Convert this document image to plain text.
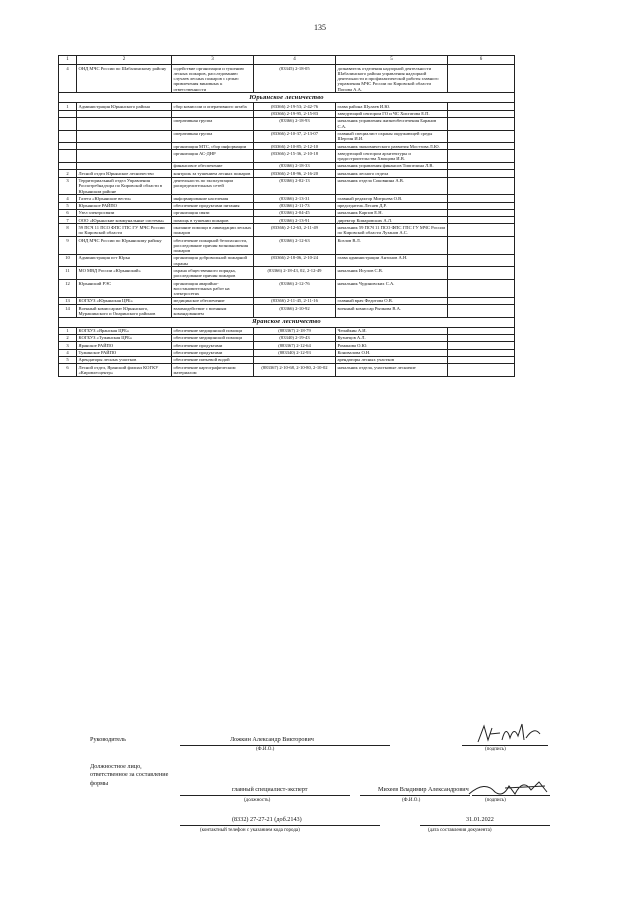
135
1	2	3	4	5	6
4	ОНД МЧС России по Шабалинскому району	содействие организации и тушению лесных пожаров, расследованию случаев лесных пожаров с целью привлечения виновных к ответственности	(83345) 2-18-05	дознаватель отделения надзорной деятельности Шабалинского района управления надзорной деятельности и профилактической работы главного управления МЧС России по Кировской области Попова А.А.	
Юрьянское лесничество					
1	Администрация Юрьянского района	сбор комиссии и оперативного штаба	(83366) 2-19-53; 2-42-76	глава района Шулаев И.Ю.	
			(83366) 2-19-95, 2-15-83	заведующий сектором ГО и ЧС Хисгатова Е.П.	
		оперативная группа	(83366) 2-18-93	начальник управления жизнеобеспечения Баранов С.А.	
		оперативная группа	(83366) 2-10-37, 2-13-07	главный специалист охраны окружающей среды Шергин И.И.	
		организация МТС, сбор информации	(83366) 2-10-85; 2-12-10	начальник экономического развития Мосттова Л.Ю.	
		организация АС-ДНР	(83366) 2-15-36, 2-10-18	заведующий сектором архитектуры и градостроительства Хвощова И.В.	
		финансовое обеспечение	(83366) 2-18-33	начальник управления финансов Типпелина Л.В.	
2	Лесной отдел Юрьянское лесничество	контроль за тушением лесных пожаров	(83366) 2-18-96, 2-16-20	начальник лесного отдела	
3	Территориальный отдел Управления Роспотребнадзора по Кировской области в Юрьянском районе	деятельность по эксплуатации распределительных сетей	(83366) 2-02-13	начальник отдела Соковнина А.В.	
4	Газета «Юрьянские вести»	информирование населения	(83366) 2-13-31	главный редактор Митрьева О.В.	
5	Юрьянское РАЙПО	обеспечение продуктами питания	(83366) 2-11-73	председатель Лесаев Д.Р.	
6	Узел электросвязи	организация связи	(83366) 2-04-45	начальник Карпов Е.Н.	
7	ООО «Юрьянские коммунальные системы»	помощь в тушении пожаров	(83366) 2-13-91	директор Комаровских А.Л.	
8	59 ПСЧ 11 ПСО ФПС ГПС ГУ МЧС России по Кировской области	оказание помощи в ликвидации лесных пожаров	(83366) 2-12-63, 2-11-49	начальник 59 ПСЧ 11 ПСО ФПС ГПС ГУ МЧС России по Кировской области Лузанов А.С.	
9	ОНД МЧС России по Юрьянскому району	обеспечение пожарной безопасности, расследование причин возникновения пожаров	(83366) 2-12-63	Козлов В.Л.	
10	Администрация пгт Юрья	организация добровольной пожарной охраны	(83366) 2-18-06, 2-10-24	глава администрации Антонов А.Н.	
11	МО МВД России «Юрьянский»	охрана общественного порядка, расследование причин пожаров	(83366) 2-18-43, 02, 2-12-49	начальник Исупов С.В.	
12	Юрьянский РЭС	организация аварийно-восстановительных работ на электросетях	(83366) 2-12-76	начальник Чудиновских С.А.	
13	КОГБУЗ «Юрьянская ЦРБ»	медицинское обеспечение	(83366) 2-11-45, 2-11-16	главный врач Федотова О.В.	
14	Военный комиссариат Юрьянского, Мурашинского и Опаринского районов	взаимодействие с военным командованием	(83366) 2-10-92	военный комиссар Рычкова В.А.	
Яранское лесничество					
1	КОГБУЗ «Яранская ЦРБ»	обеспечение медицинской помощи	(883367) 2-18-79	Чепайкин А.И.	
2	КОГБУЗ «Тужинская ЦРБ»	обеспечение медицинской помощи	(83340) 2-19-43	Кузнецов А.Л.	
3	Яранское РАЙПО	обеспечение продуктами	(883367) 2-12-64	Романова О.Ю.	
4	Тужинское РАЙПО	обеспечение продуктами	(883340) 2-12-93	Коновалова О.Н.	
5	Арендаторы лесных участков	обеспечение питьевой водой		арендаторы лесных участков	
6	Лесной отдел, Яранский филиал КОГКУ «Кировлесцентр»	обеспечение картографическим материалом	(883367) 2-10-68, 2-10-80, 2-10-02	начальник отдела, участковые лесничие	
Руководитель	Ложкин Александр Викторович
(Ф.И.О.)	(подпись)
Должностное лицо, ответственное за составление формы
главный специалист-эксперт
(должность)
Михеев Владимир Александрович
(Ф.И.О.)	(подпись)
(8332) 27-27-21 (доб.2143)
(контактный телефон с указанием кода города)
31.01.2022
(дата составления документа)
